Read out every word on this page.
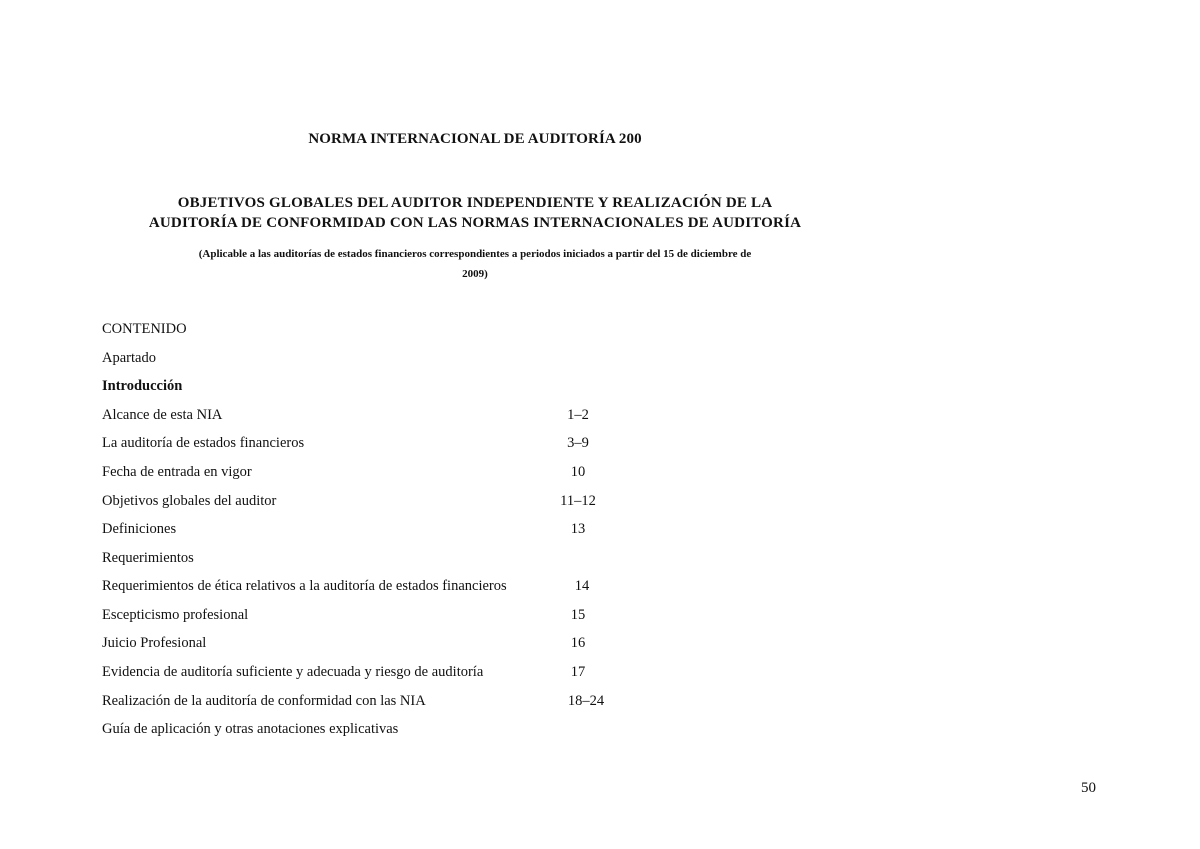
NORMA INTERNACIONAL DE AUDITORÍA 200
OBJETIVOS GLOBALES DEL AUDITOR INDEPENDIENTE Y REALIZACIÓN DE LA
AUDITORÍA DE CONFORMIDAD CON LAS NORMAS INTERNACIONALES DE AUDITORÍA
(Aplicable a las auditorías de estados financieros correspondientes a periodos iniciados a partir del 15 de diciembre de
2009)
CONTENIDO
Apartado
Introducción
Alcance de esta NIA	1–2
La auditoría de estados financieros	3–9
Fecha de entrada en vigor	10
Objetivos globales del auditor	11–12
Definiciones	13
Requerimientos
Requerimientos de ética relativos a la auditoría de estados financieros	14
Escepticismo profesional	15
Juicio Profesional	16
Evidencia de auditoría suficiente y adecuada y riesgo de auditoría	17
Realización de la auditoría de conformidad con las NIA	18–24
Guía de aplicación y otras anotaciones explicativas
50
